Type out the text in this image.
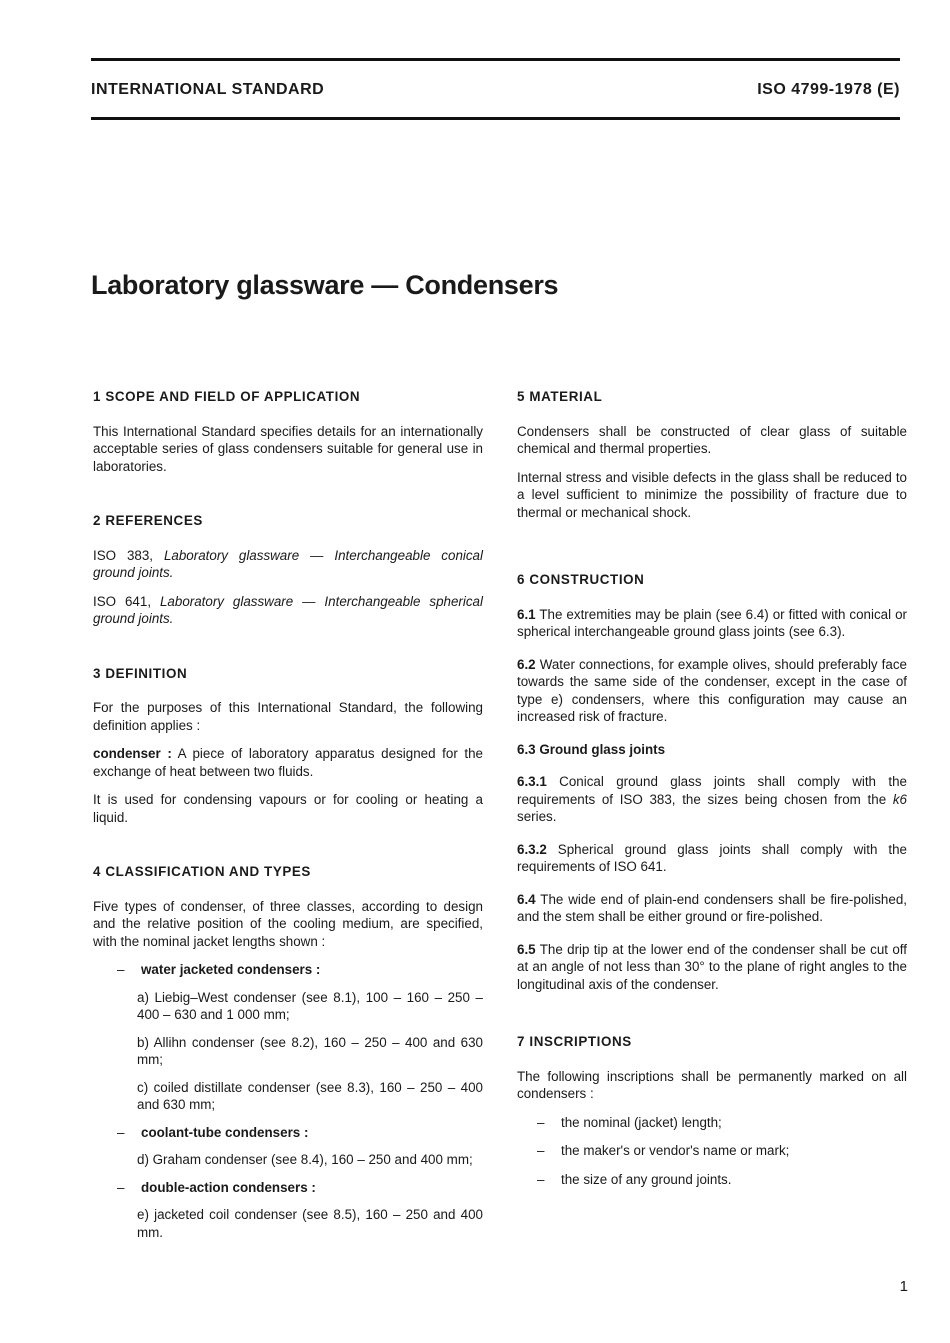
INTERNATIONAL STANDARD	ISO 4799-1978 (E)
Laboratory glassware — Condensers
1 SCOPE AND FIELD OF APPLICATION

This International Standard specifies details for an internationally acceptable series of glass condensers suitable for general use in laboratories.

2 REFERENCES

ISO 383, Laboratory glassware — Interchangeable conical ground joints.

ISO 641, Laboratory glassware — Interchangeable spherical ground joints.

3 DEFINITION

For the purposes of this International Standard, the following definition applies :

condenser : A piece of laboratory apparatus designed for the exchange of heat between two fluids.

It is used for condensing vapours or for cooling or heating a liquid.

4 CLASSIFICATION AND TYPES

Five types of condenser, of three classes, according to design and the relative position of the cooling medium, are specified, with the nominal jacket lengths shown :

–	water jacketed condensers :

a) Liebig–West condenser (see 8.1), 100 – 160 – 250 – 400 – 630 and 1 000 mm;

b) Allihn condenser (see 8.2), 160 – 250 – 400 and 630 mm;

c) coiled distillate condenser (see 8.3), 160 – 250 – 400 and 630 mm;

–	coolant-tube condensers :

d) Graham condenser (see 8.4), 160 – 250 and 400 mm;

–	double-action condensers :

e) jacketed coil condenser (see 8.5), 160 – 250 and 400 mm.

5 MATERIAL

Condensers shall be constructed of clear glass of suitable chemical and thermal properties.

Internal stress and visible defects in the glass shall be reduced to a level sufficient to minimize the possibility of fracture due to thermal or mechanical shock.

6 CONSTRUCTION

6.1 The extremities may be plain (see 6.4) or fitted with conical or spherical interchangeable ground glass joints (see 6.3).

6.2 Water connections, for example olives, should preferably face towards the same side of the condenser, except in the case of type e) condensers, where this configuration may cause an increased risk of fracture.

6.3 Ground glass joints

6.3.1 Conical ground glass joints shall comply with the requirements of ISO 383, the sizes being chosen from the k6 series.

6.3.2 Spherical ground glass joints shall comply with the requirements of ISO 641.

6.4 The wide end of plain-end condensers shall be fire-polished, and the stem shall be either ground or fire-polished.

6.5 The drip tip at the lower end of the condenser shall be cut off at an angle of not less than 30° to the plane of right angles to the longitudinal axis of the condenser.

7 INSCRIPTIONS

The following inscriptions shall be permanently marked on all condensers :

–	the nominal (jacket) length;
–	the maker's or vendor's name or mark;
–	the size of any ground joints.
1
